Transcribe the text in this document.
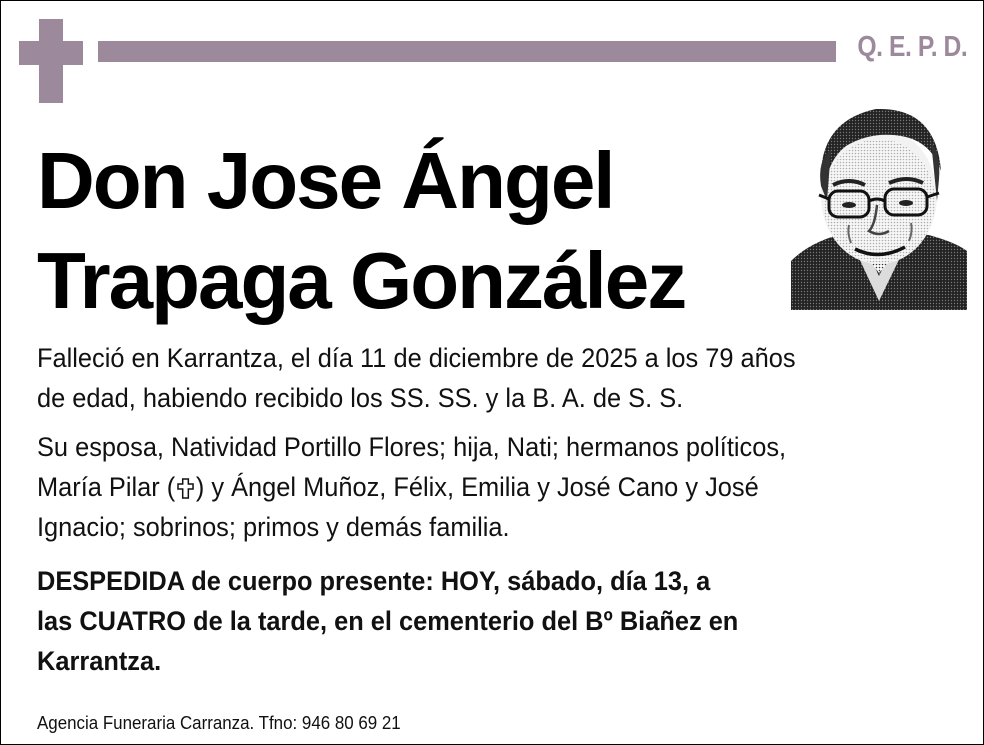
Q. E. P. D.
Don Jose Ángel
Trapaga González
Falleció en Karrantza, el día 11 de diciembre de 2025 a los 79 años
de edad, habiendo recibido los SS. SS. y la B. A. de S. S.
Su esposa, Natividad Portillo Flores; hija, Nati; hermanos políticos,
María Pilar ( ) y Ángel Muñoz, Félix, Emilia y José Cano y José
Ignacio; sobrinos; primos y demás familia.
DESPEDIDA de cuerpo presente: HOY, sábado, día 13, a
las CUATRO de la tarde, en el cementerio del Bº Biañez en
Karrantza.
Agencia Funeraria Carranza. Tfno: 946 80 69 21
